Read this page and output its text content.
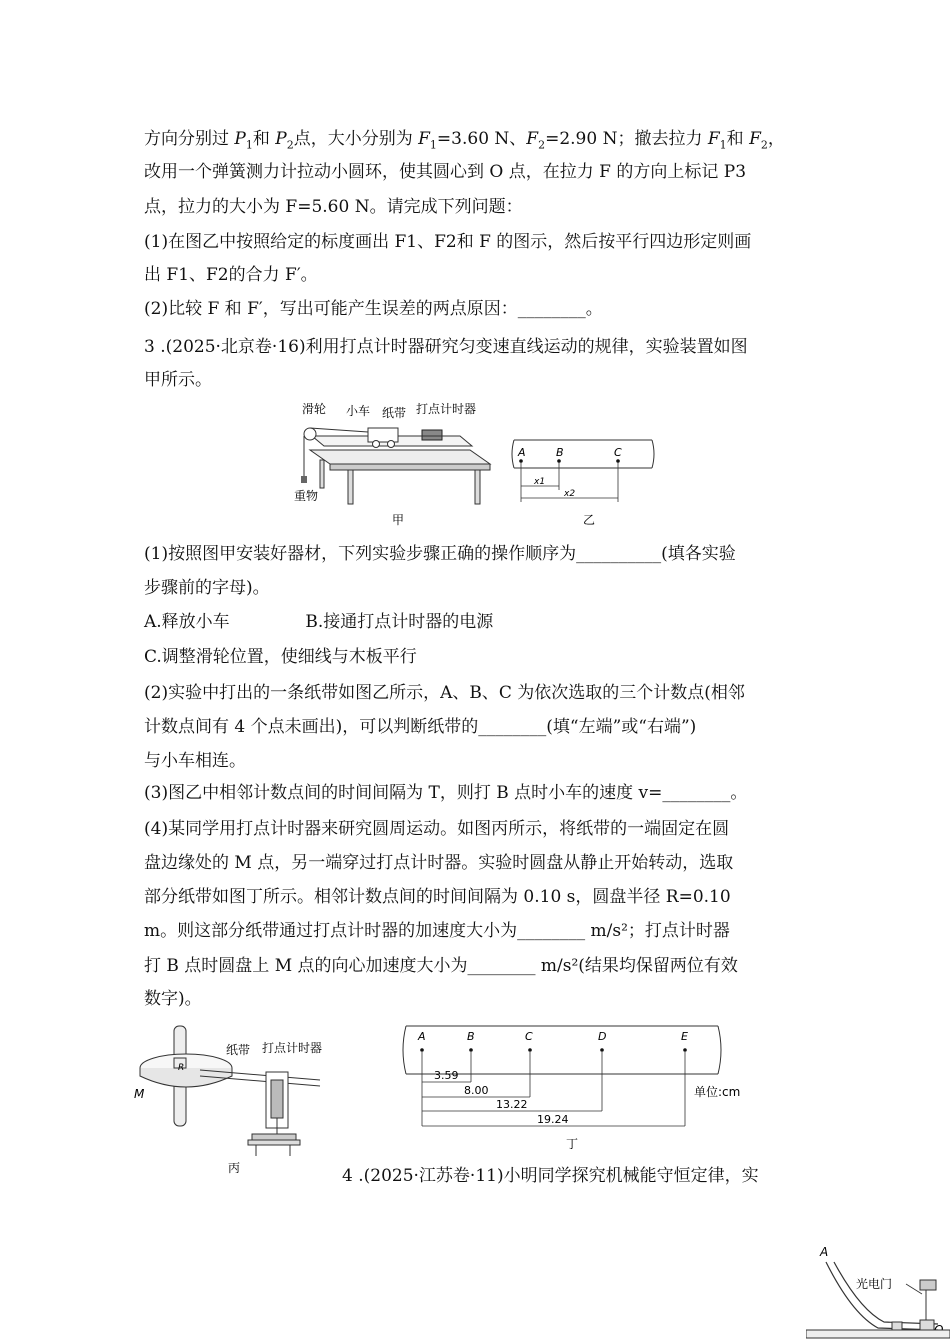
方向分别过 $P_1$和 $P_2$点，大小分别为 $F_1=3.60$ N、$F_2=2.90$ N；撤去拉力 $F_1$和 $F_2$，
改用一个弹簧测力计拉动小圆环，使其圆心到 O 点，在拉力 F 的方向上标记 P3
点，拉力的大小为 F=5.60 N。请完成下列问题：
(1)在图乙中按照给定的标度画出 F1、F2和 F 的图示，然后按平行四边形定则画
出 F1、F2的合力 F′。
(2)比较 F 和 F′，写出可能产生误差的两点原因：________。
3 .(2025·北京卷·16)利用打点计时器研究匀变速直线运动的规律，实验装置如图
甲所示。
滑轮 小车 纸带 打点计时器
重物
甲
A	B	C
x1
x2
乙
(1)按照图甲安装好器材，下列实验步骤正确的操作顺序为__________(填各实验
步骤前的字母)。
A.释放小车              B.接通打点计时器的电源
C.调整滑轮位置，使细线与木板平行
(2)实验中打出的一条纸带如图乙所示，A、B、C 为依次选取的三个计数点(相邻
计数点间有 4 个点未画出)，可以判断纸带的________(填“左端”或“右端”)
与小车相连。
(3)图乙中相邻计数点间的时间间隔为 T，则打 B 点时小车的速度 v=________。
(4)某同学用打点计时器来研究圆周运动。如图丙所示，将纸带的一端固定在圆
盘边缘处的 M 点，另一端穿过打点计时器。实验时圆盘从静止开始转动，选取
部分纸带如图丁所示。相邻计数点间的时间间隔为 0.10 s，圆盘半径 R=0.10
m。则这部分纸带通过打点计时器的加速度大小为________ m/s²；打点计时器
打 B 点时圆盘上 M 点的向心加速度大小为________ m/s²(结果均保留两位有效
数字)。
M
R
纸带 打点计时器
丙
A	B	C	D	E
3.59
8.00
13.22
19.24
单位:cm
丁
4 .(2025·江苏卷·11)小明同学探究机械能守恒定律，实
A
光电门
